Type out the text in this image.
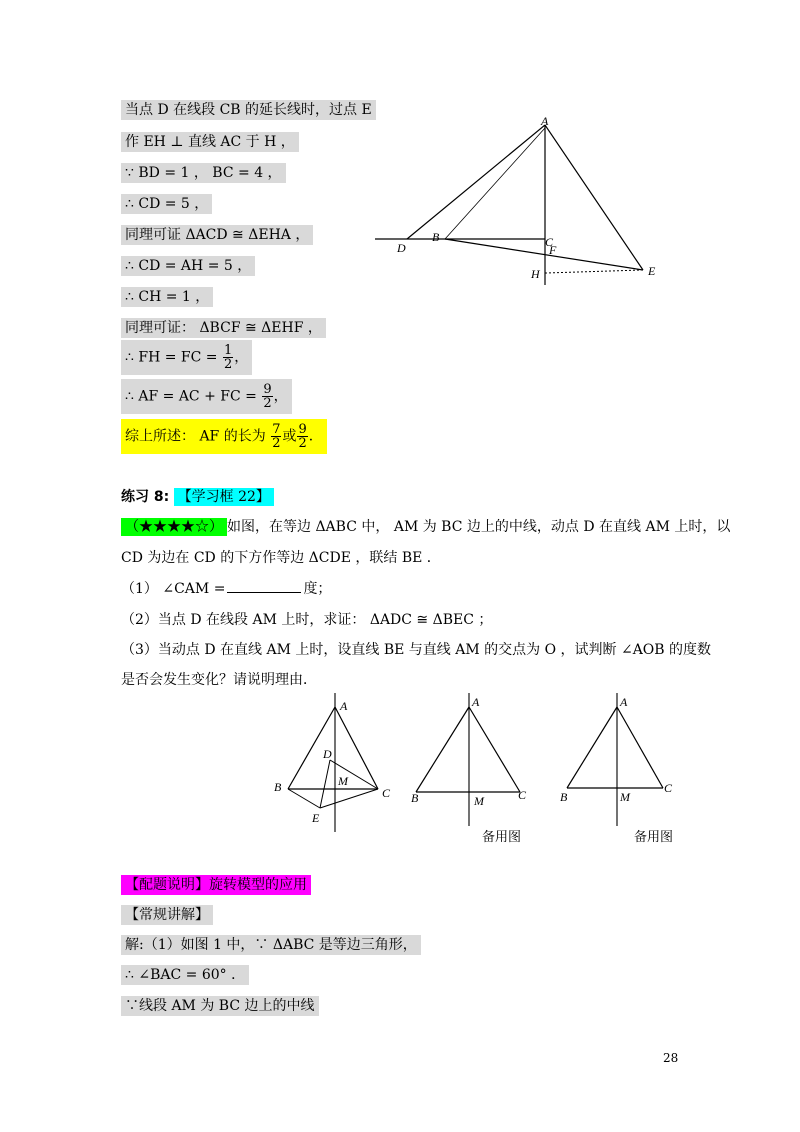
当点 D 在线段 CB 的延长线时，过点 E
作 EH ⊥ 直线 AC 于 H ，
∵ BD = 1 ， BC = 4 ，
∴ CD = 5 ，
同理可证 ΔACD ≅ ΔEHA ，
∴ CD = AH = 5 ，
∴ CH = 1 ，
同理可证： ΔBCF ≅ ΔEHF ，
∴ FH = FC = $\frac{1}{2}$ ，
∴ AF = AC + FC = $\frac{9}{2}$ ，
综上所述： AF 的长为 $\frac{7}{2}$ 或 $\frac{9}{2}$ ．
A
B
D	C
F
H	E
练习 8: 【学习框 22】
（★★★★☆） 如图，在等边 ΔABC 中， AM 为 BC 边上的中线，动点 D 在直线 AM 上时，以
CD 为边在 CD 的下方作等边 ΔCDE ，联结 BE ．
（1） ∠CAM =	度；
（2）当点 D 在线段 AM 上时，求证： ΔADC ≅ ΔBEC ；
（3）当动点 D 在直线 AM 上时，设直线 BE 与直线 AM 的交点为 O ，试判断 ∠AOB 的度数
是否会发生变化？请说明理由．
A
D
M
B	C
E
A
B	M	C
备用图
A
B	M
C
备用图
【配题说明】旋转模型的应用
【常规讲解】
解:（1）如图 1 中，∵ ΔABC 是等边三角形，
∴ ∠BAC = 60° ．
∵线段 AM 为 BC 边上的中线
28
